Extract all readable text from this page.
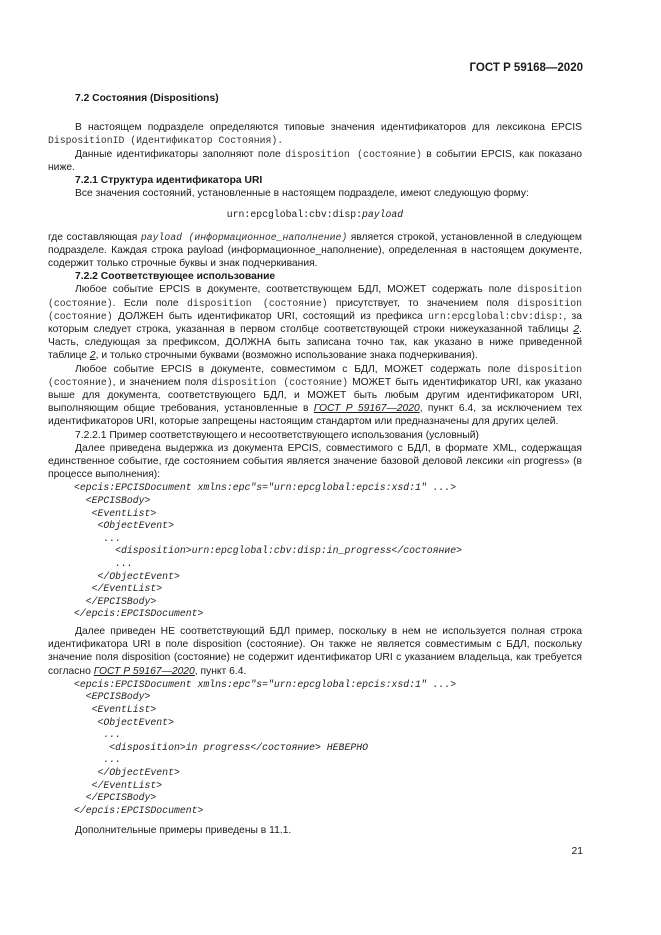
ГОСТ Р 59168—2020

7.2 Состояния (Dispositions)

В настоящем подразделе определяются типовые значения идентификаторов для лексикона EPCIS DispositionID (Идентификатор Состояния).

Данные идентификаторы заполняют поле disposition (состояние) в событии EPCIS, как показано ниже.

7.2.1 Структура идентификатора URI

Все значения состояний, установленные в настоящем подразделе, имеют следующую форму:

urn:epcglobal:cbv:disp:payload

где составляющая payload (информационное_наполнение) является строкой, установленной в следующем подразделе. Каждая строка payload (информационное_наполнение), определенная в настоящем документе, содержит только строчные буквы и знак подчеркивания.

7.2.2 Соответствующее использование

Любое событие EPCIS в документе, соответствующем БДЛ, МОЖЕТ содержать поле disposition (состояние). Если поле disposition (состояние) присутствует, то значением поля disposition (состояние) ДОЛЖЕН быть идентификатор URI, состоящий из префикса urn:epcglobal:cbv:disp:, за которым следует строка, указанная в первом столбце соответствующей строки нижеуказанной таблицы 2. Часть, следующая за префиксом, ДОЛЖНА быть записана точно так, как указано в ниже приведенной таблице 2, и только строчными буквами (возможно использование знака подчеркивания).

Любое событие EPCIS в документе, совместимом с БДЛ, МОЖЕТ содержать поле disposition (состояние), и значением поля disposition (состояние) МОЖЕТ быть идентификатор URI, как указано выше для документа, соответствующего БДЛ, и МОЖЕТ быть любым другим идентификатором URI, выполняющим общие требования, установленные в ГОСТ Р 59167—2020, пункт 6.4, за исключением тех идентификаторов URI, которые запрещены настоящим стандартом или предназначены для других целей.

7.2.2.1 Пример соответствующего и несоответствующего использования (условный)

Далее приведена выдержка из документа EPCIS, совместимого с БДЛ, в формате XML, содержащая единственное событие, где состоянием события является значение базовой деловой лексики «in progress» (в процессе выполнения):

<epcis:EPCISDocument xmlns:epc"s="urn:epcglobal:epcis:xsd:1" ...>
<EPCISBody>
<EventList>
<ObjectEvent>
...
<disposition>urn:epcglobal:cbv:disp:in_progress</состояние>
...
</ObjectEvent>
</EventList>
</EPCISBody>
</epcis:EPCISDocument>

Далее приведен НЕ соответствующий БДЛ пример, поскольку в нем не используется полная строка идентификатора URI в поле disposition (состояние). Он также не является совместимым с БДЛ, поскольку значение поля disposition (состояние) не содержит идентификатор URI с указанием владельца, как требуется согласно ГОСТ Р 59167—2020, пункт 6.4.

<epcis:EPCISDocument xmlns:epc"s="urn:epcglobal:epcis:xsd:1" ...>
<EPCISBody>
<EventList>
<ObjectEvent>
...
<disposition>in progress</состояние> НЕВЕРНО
...
</ObjectEvent>
</EventList>
</EPCISBody>
</epcis:EPCISDocument>

Дополнительные примеры приведены в 11.1.

21
